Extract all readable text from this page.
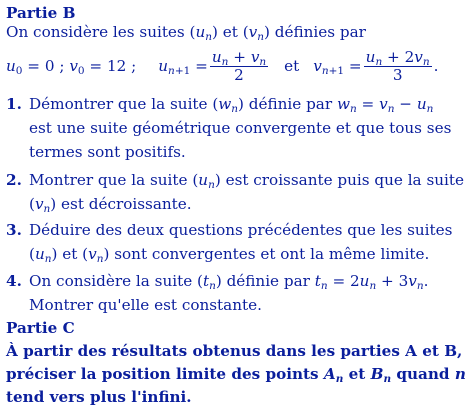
Partie B
On considère les suites $(u_n)$ et $(v_n)$ définies par
$u_0 = 0$ ; $v_0 = 12$ ; $u_{n+1} = \frac{u_n + v_n}{2}$ et $v_{n+1} = \frac{u_n + 2v_n}{3}$ .
1. Démontrer que la suite $(w_n)$ définie par $w_n = v_n - u_n$
est une suite géométrique convergente et que tous ses
termes sont positifs.
2. Montrer que la suite $(u_n)$ est croissante puis que la suite
$(v_n)$ est décroissante.
3. Déduire des deux questions précédentes que les suites
$(u_n)$ et $(v_n)$ sont convergentes et ont la même limite.
4. On considère la suite $(t_n)$ définie par $t_n = 2u_n + 3v_n$.
Montrer qu'elle est constante.
Partie C
À partir des résultats obtenus dans les parties A et B,
préciser la position limite des points $A_n$ et $B_n$ quand n
tend vers plus l'infini.
